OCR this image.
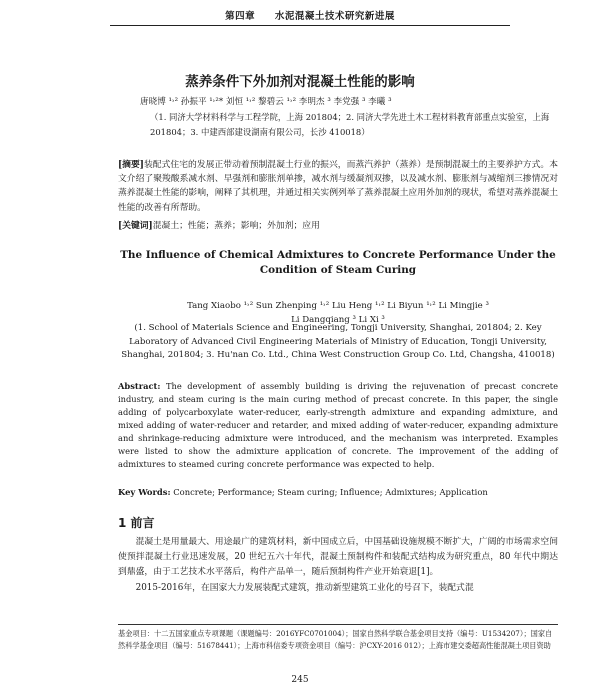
第四章 水泥混凝土技术研究新进展
蒸养条件下外加剂对混凝土性能的影响
唐晓博 ¹˒² 孙振平 ¹˒²* 刘恒 ¹˒² 黎碧云 ¹˒² 李明杰 ³ 李党强 ³ 李曦 ³
（1. 同济大学材料科学与工程学院，上海 201804；2. 同济大学先进土木工程材料教育部重点实验室，上海 201804；3. 中建西部建设湖南有限公司，长沙 410018）
[摘要]装配式住宅的发展正带动着预制混凝土行业的振兴，而蒸汽养护（蒸养）是预制混凝土的主要养护方式。本文介绍了聚羧酸系减水剂、早强剂和膨胀剂单掺，减水剂与缓凝剂双掺，以及减水剂、膨胀剂与减缩剂三掺情况对蒸养混凝土性能的影响，阐释了其机理，并通过相关实例列举了蒸养混凝土应用外加剂的现状，希望对蒸养混凝土性能的改善有所帮助。
[关键词]混凝土；性能；蒸养；影响；外加剂；应用
The Influence of Chemical Admixtures to Concrete Performance Under the
Condition of Steam Curing
Tang Xiaobo ¹˒² Sun Zhenping ¹˒² Liu Heng ¹˒² Li Biyun ¹˒² Li Mingjie ³
Li Dangqiang ³ Li Xi ³
(1. School of Materials Science and Engineering, Tongji University, Shanghai, 201804; 2. Key Laboratory of Advanced Civil Engineering Materials of Ministry of Education, Tongji University, Shanghai, 201804; 3. Hu'nan Co. Ltd., China West Construction Group Co. Ltd, Changsha, 410018)
Abstract: The development of assembly building is driving the rejuvenation of precast concrete industry, and steam curing is the main curing method of precast concrete. In this paper, the single adding of polycarboxylate water-reducer, early-strength admixture and expanding admixture, and mixed adding of water-reducer and retarder, and mixed adding of water-reducer, expanding admixture and shrinkage-reducing admixture were introduced, and the mechanism was interpreted. Examples were listed to show the admixture application of concrete. The improvement of the adding of admixtures to steamed curing concrete performance was expected to help.
Key Words: Concrete; Performance; Steam curing; Influence; Admixtures; Application
1 前言

混凝土是用量最大、用途最广的建筑材料，新中国成立后，中国基础设施规模不断扩大，广阔的市场需求空间使预拌混凝土行业迅速发展，20 世纪五六十年代，混凝土预制构件和装配式结构成为研究重点，80 年代中期达到鼎盛，由于工艺技术水平落后，构件产品单一，随后预制构件产业开始衰退[1]。

2015-2016年，在国家大力发展装配式建筑，推动新型建筑工业化的号召下，装配式混

基金项目：十二五国家重点专项课题（课题编号：2016YFC0701004）；国家自然科学联合基金项目支持（编号：U1534207）；国家自然科学基金项目（编号：51678441）；上海市科信委专项资金项目（编号：沪CXY-2016 012）；上海市建交委超高性能混凝土项目资助
245
